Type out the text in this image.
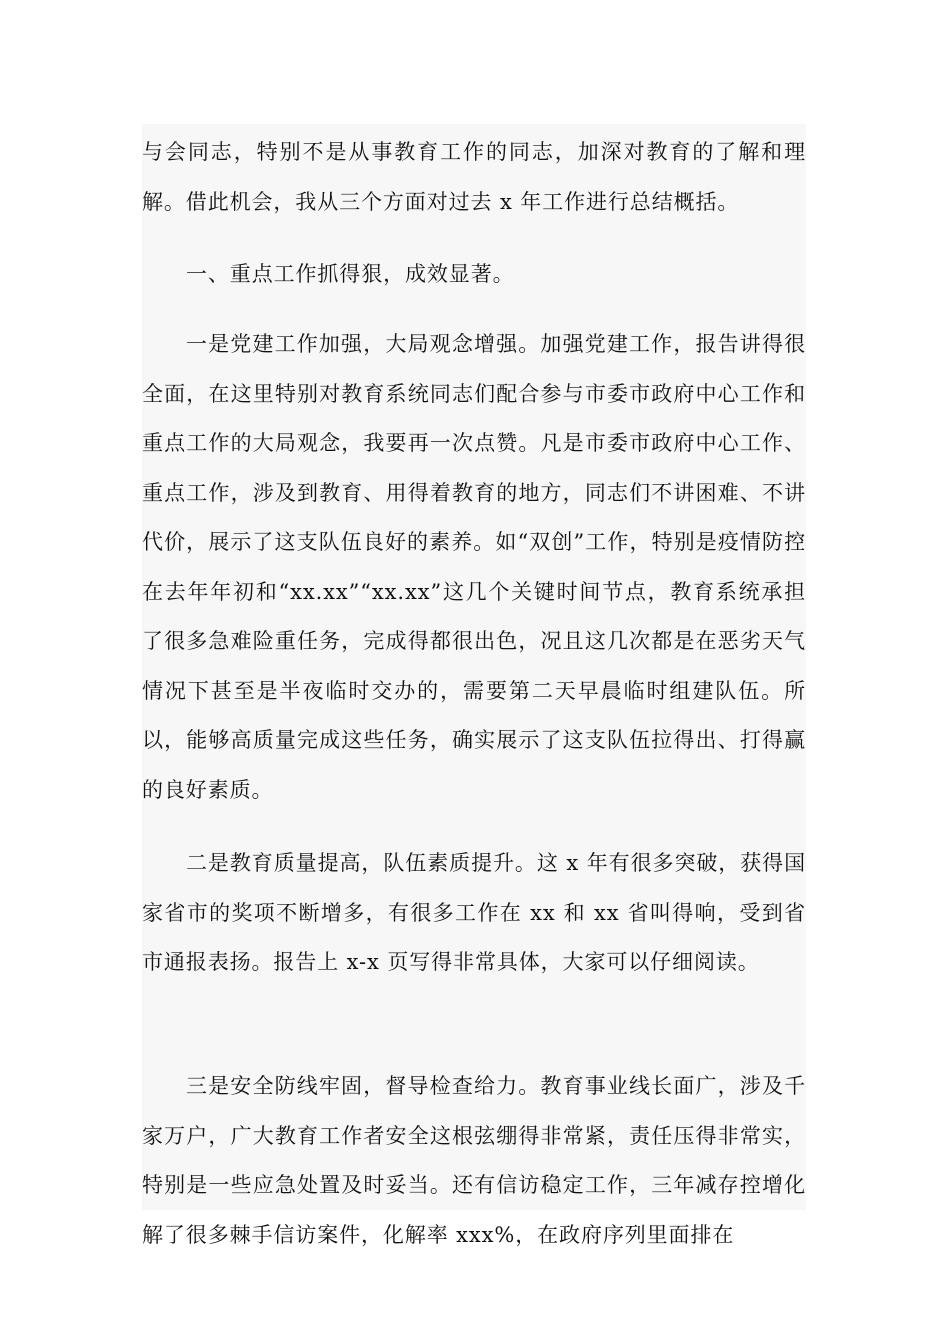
与会同志，特别不是从事教育工作的同志，加深对教育的了解和理解。借此机会，我从三个方面对过去 x 年工作进行总结概括。

一、重点工作抓得狠，成效显著。

一是党建工作加强，大局观念增强。加强党建工作，报告讲得很全面，在这里特别对教育系统同志们配合参与市委市政府中心工作和重点工作的大局观念，我要再一次点赞。凡是市委市政府中心工作、重点工作，涉及到教育、用得着教育的地方，同志们不讲困难、不讲代价，展示了这支队伍良好的素养。如“双创”工作，特别是疫情防控在去年年初和“xx.xx”“xx.xx”这几个关键时间节点，教育系统承担了很多急难险重任务，完成得都很出色，况且这几次都是在恶劣天气情况下甚至是半夜临时交办的，需要第二天早晨临时组建队伍。所以，能够高质量完成这些任务，确实展示了这支队伍拉得出、打得赢的良好素质。

二是教育质量提高，队伍素质提升。这 x 年有很多突破，获得国家省市的奖项不断增多，有很多工作在 xx 和 xx 省叫得响，受到省市通报表扬。报告上 x-x 页写得非常具体，大家可以仔细阅读。

三是安全防线牢固，督导检查给力。教育事业线长面广，涉及千家万户，广大教育工作者安全这根弦绷得非常紧，责任压得非常实，特别是一些应急处置及时妥当。还有信访稳定工作，三年减存控增化解了很多棘手信访案件，化解率 xxx%，在政府序列里面排在
